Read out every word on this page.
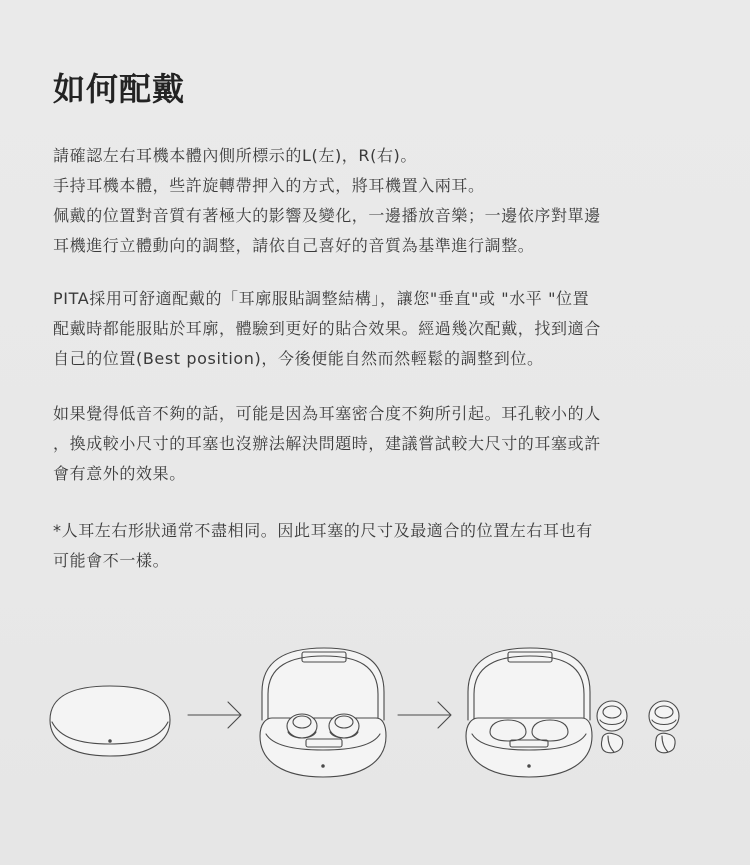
如何配戴
請確認左右耳機本體內側所標示的L(左)，R(右)。
手持耳機本體，些許旋轉帶押入的方式，將耳機置入兩耳。
佩戴的位置對音質有著極大的影響及變化，一邊播放音樂；一邊依序對單邊
耳機進行立體動向的調整，請依自己喜好的音質為基準進行調整。
PITA採用可舒適配戴的「耳廓服貼調整結構」，讓您"垂直"或 "水平 "位置
配戴時都能服貼於耳廓，體驗到更好的貼合效果。經過幾次配戴，找到適合
自己的位置(Best position)，今後便能自然而然輕鬆的調整到位。
如果覺得低音不夠的話，可能是因為耳塞密合度不夠所引起。耳孔較小的人
，換成較小尺寸的耳塞也沒辦法解決問題時，建議嘗試較大尺寸的耳塞或許
會有意外的效果。
*人耳左右形狀通常不盡相同。因此耳塞的尺寸及最適合的位置左右耳也有
可能會不一樣。
